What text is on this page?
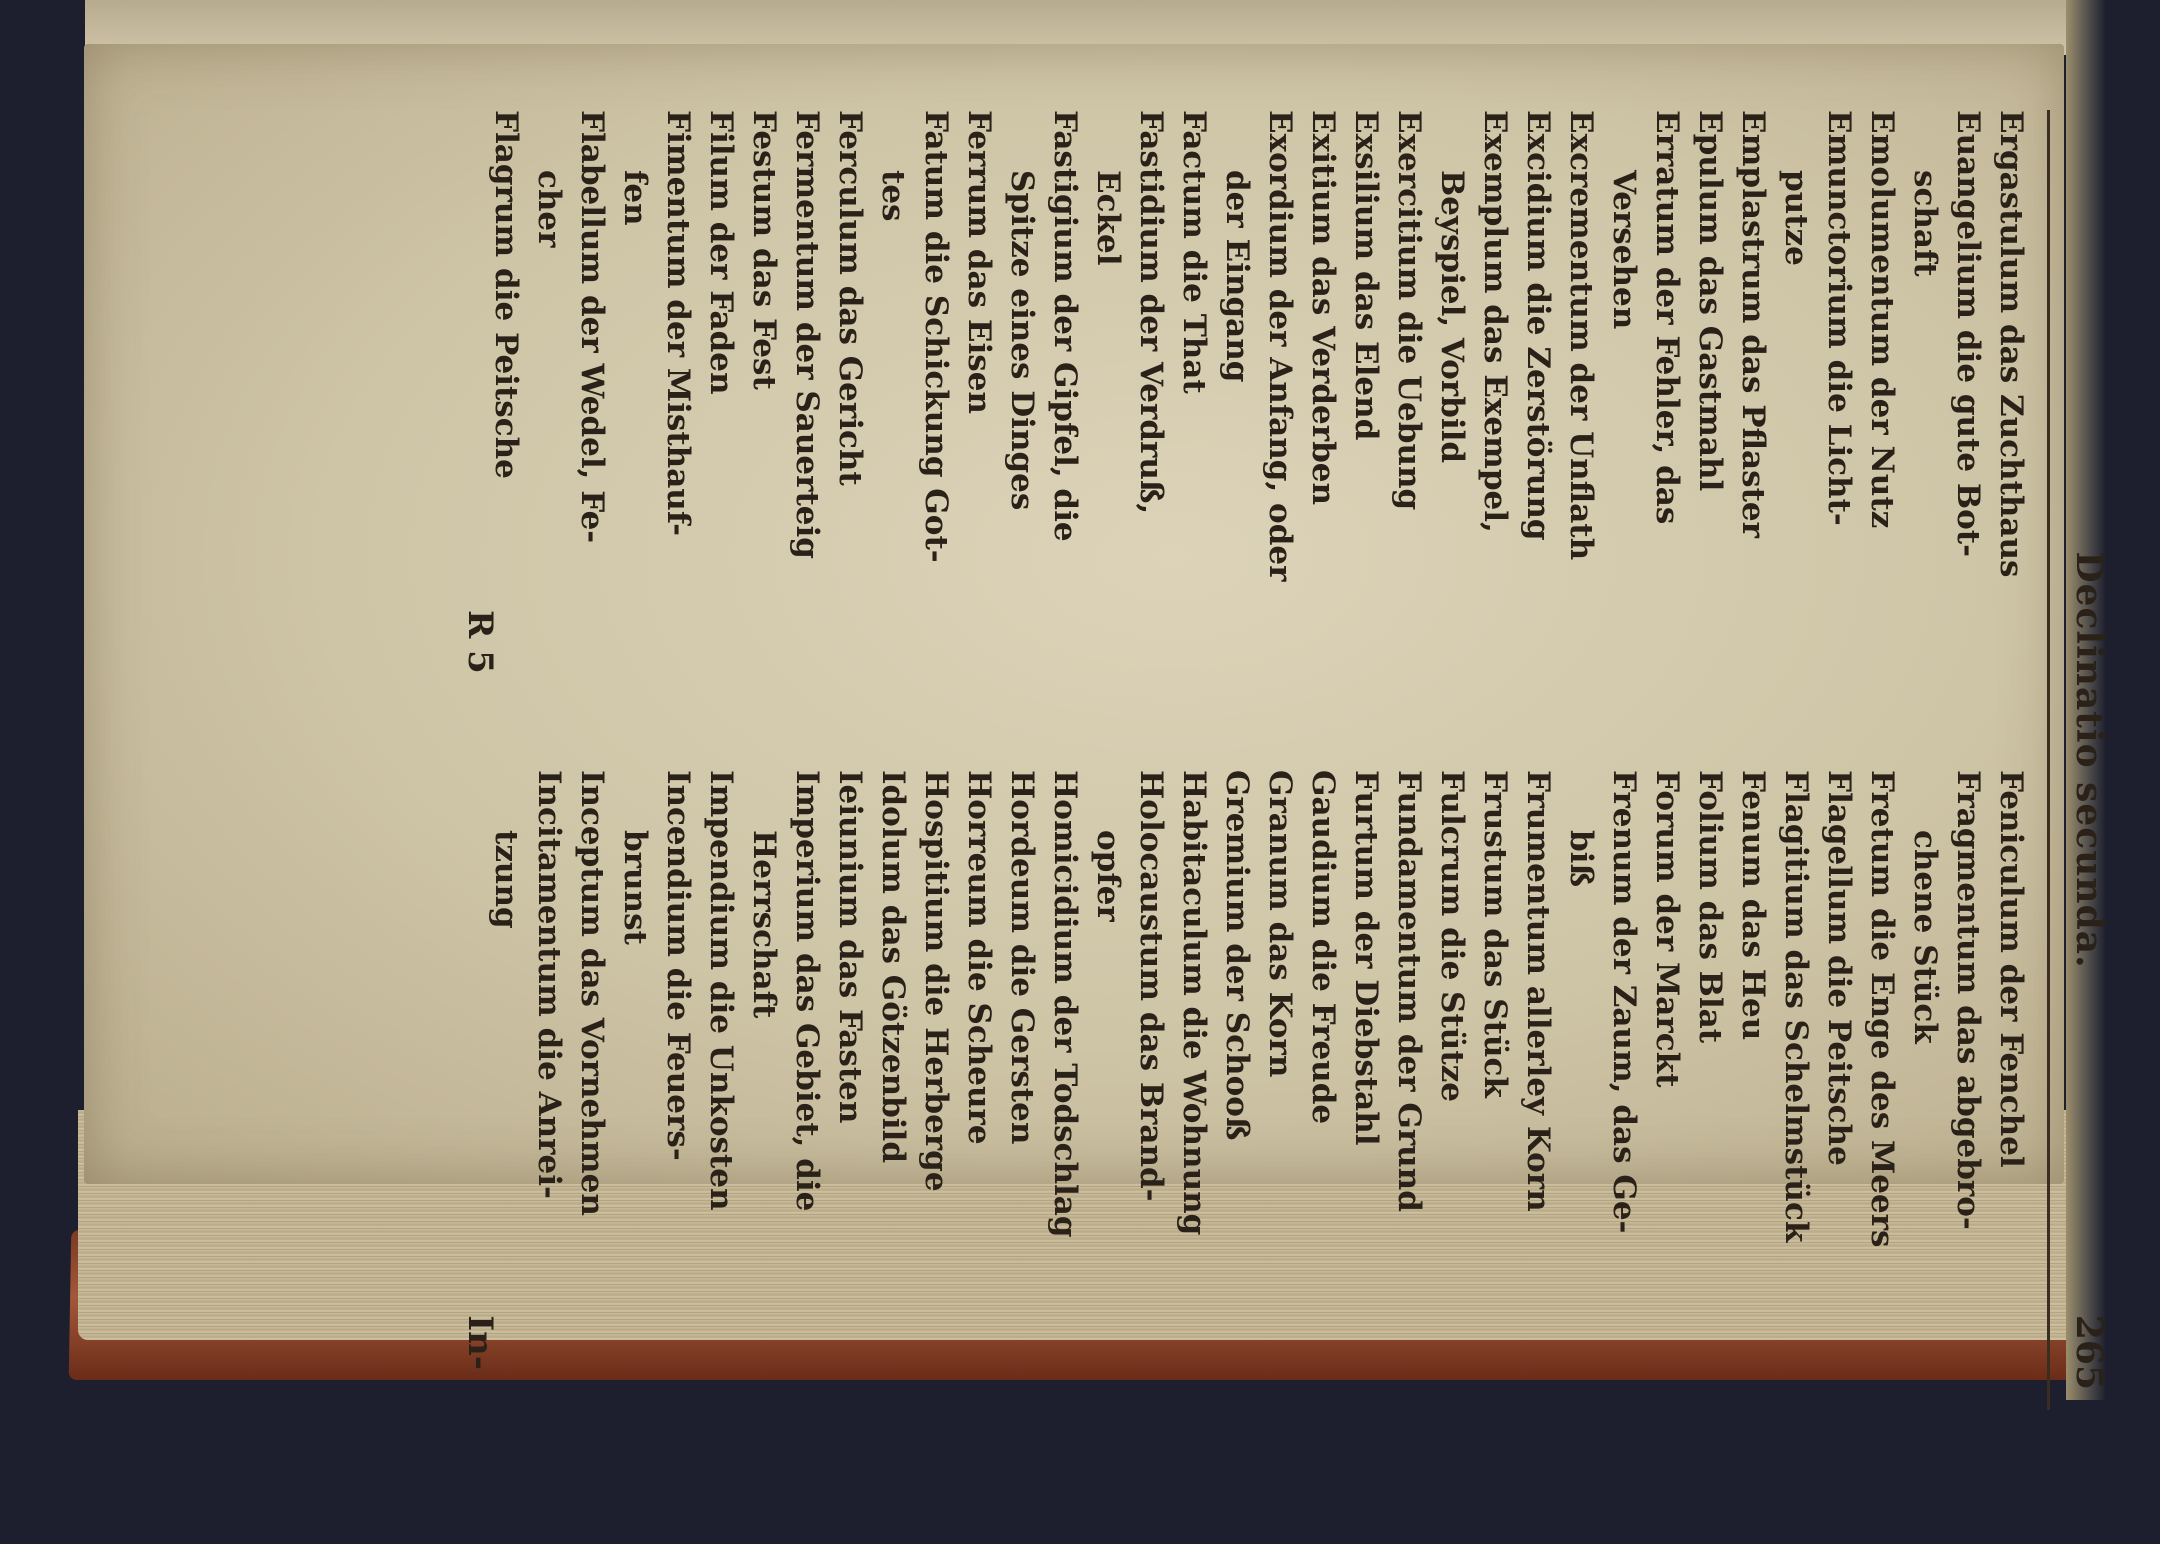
Declinatio secunda.
265
Ergastulum das Zuchthaus
Euangelium die gute Bot-
schaft
Emolumentum der Nutz
Emunctorium die Licht-
putze
Emplastrum das Pflaster
Epulum das Gastmahl
Erratum der Fehler, das
Versehen
Excrementum der Unflath
Excidium die Zerstörung
Exemplum das Exempel,
Beyspiel, Vorbild
Exercitium die Uebung
Exsilium das Elend
Exitium das Verderben
Exordium der Anfang, oder
der Eingang
Factum die That
Fastidium der Verdruß,
Eckel
Fastigium der Gipfel, die
Spitze eines Dinges
Ferrum das Eisen
Fatum die Schickung Got-
tes
Ferculum das Gericht
Fermentum der Sauerteig
Festum das Fest
Filum der Faden
Fimentum der Misthauf-
fen
Flabellum der Wedel, Fe-
cher
Flagrum die Peitsche
Feniculum der Fenchel
Fragmentum das abgebro-
chene Stück
Fretum die Enge des Meers
Flagellum die Peitsche
Flagitium das Schelmstück
Fenum das Heu
Folium das Blat
Forum der Marckt
Frenum der Zaum, das Ge-
biß
Frumentum allerley Korn
Frustum das Stück
Fulcrum die Stütze
Fundamentum der Grund
Furtum der Diebstahl
Gaudium die Freude
Granum das Korn
Gremium der Schooß
Habitaculum die Wohnung
Holocaustum das Brand-
opfer
Homicidium der Todschlag
Hordeum die Gersten
Horreum die Scheure
Hospitium die Herberge
Idolum das Götzenbild
Ieiunium das Fasten
Imperium das Gebiet, die
Herrschaft
Impendium die Unkosten
Incendium die Feuers-
brunst
Inceptum das Vornehmen
Incitamentum die Anrei-
tzung
R 5
In-
